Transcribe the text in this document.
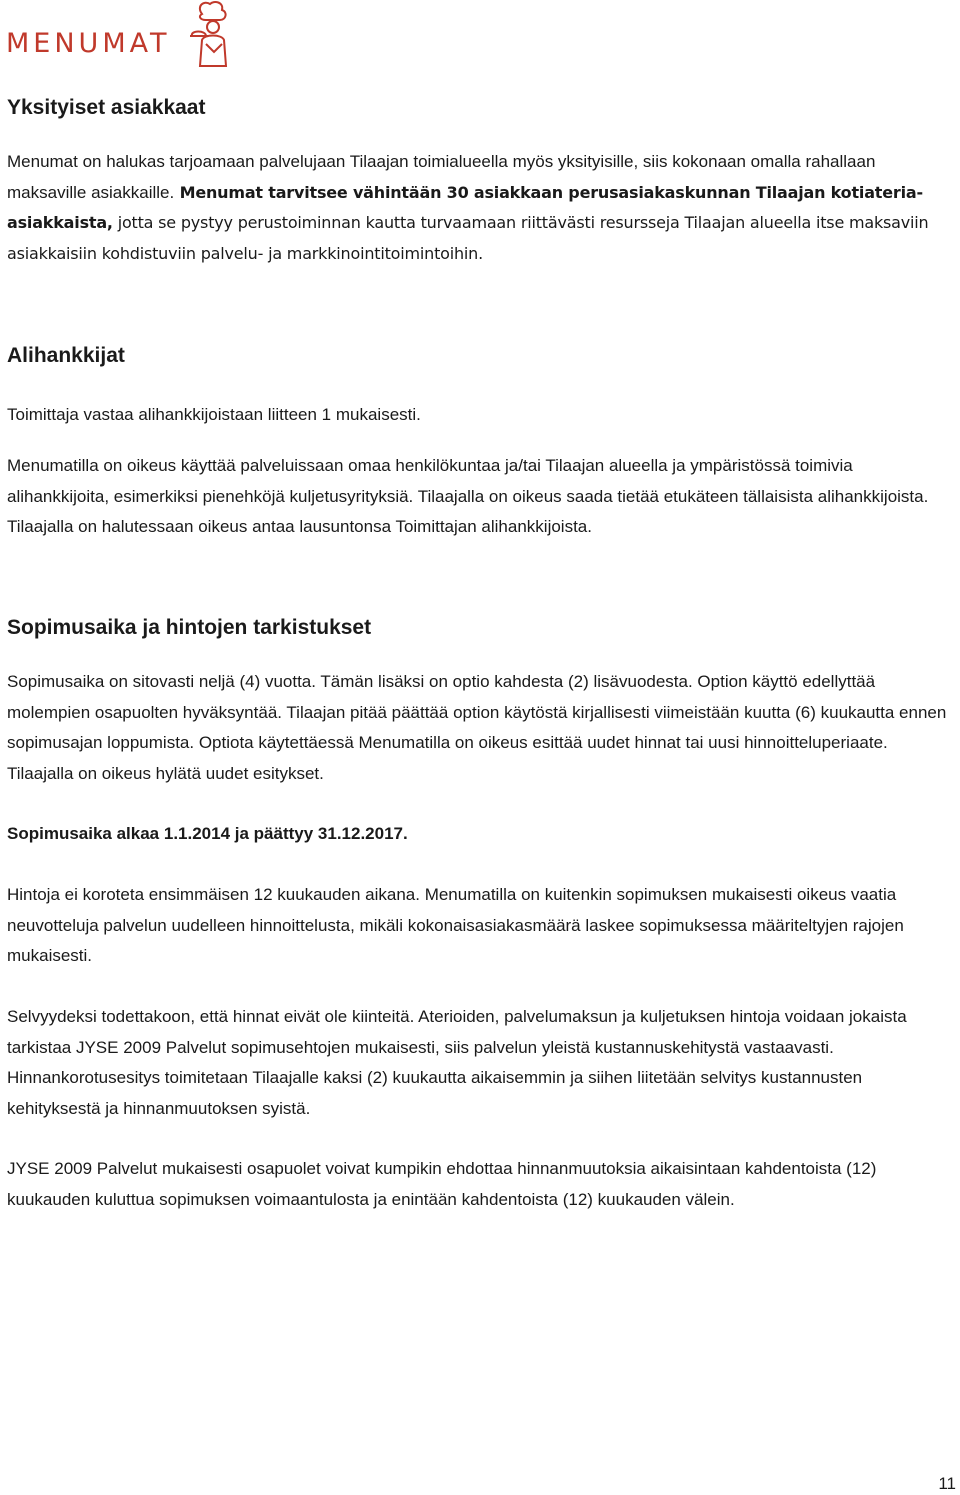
MENUMAT
Yksityiset asiakkaat

Menumat on halukas tarjoamaan palvelujaan Tilaajan toimialueella myös yksityisille, siis kokonaan omalla rahallaan maksaville asiakkaille. Menumat tarvitsee vähintään 30 asiakkaan perusasiakaskunnan Tilaajan kotiateria-asiakkaista, jotta se pystyy perustoiminnan kautta turvaamaan riittävästi resursseja Tilaajan alueella itse maksaviin asiakkaisiin kohdistuviin palvelu- ja markkinointitoimintoihin.

Alihankkijat

Toimittaja vastaa alihankkijoistaan liitteen 1 mukaisesti.

Menumatilla on oikeus käyttää palveluissaan omaa henkilökuntaa ja/tai Tilaajan alueella ja ympäristössä toimivia alihankkijoita, esimerkiksi pienehköjä kuljetusyrityksiä. Tilaajalla on oikeus saada tietää etukäteen tällaisista alihankkijoista. Tilaajalla on halutessaan oikeus antaa lausuntonsa Toimittajan alihankkijoista.

Sopimusaika ja hintojen tarkistukset

Sopimusaika on sitovasti neljä (4) vuotta. Tämän lisäksi on optio kahdesta (2) lisävuodesta. Option käyttö edellyttää molempien osapuolten hyväksyntää. Tilaajan pitää päättää option käytöstä kirjallisesti viimeistään kuutta (6) kuukautta ennen sopimusajan loppumista. Optiota käytettäessä Menumatilla on oikeus esittää uudet hinnat tai uusi hinnoitteluperiaate. Tilaajalla on oikeus hylätä uudet esitykset.

Sopimusaika alkaa 1.1.2014 ja päättyy 31.12.2017.

Hintoja ei koroteta ensimmäisen 12 kuukauden aikana. Menumatilla on kuitenkin sopimuksen mukaisesti oikeus vaatia neuvotteluja palvelun uudelleen hinnoittelusta, mikäli kokonaisasiakasmäärä laskee sopimuksessa määriteltyjen rajojen mukaisesti.

Selvyydeksi todettakoon, että hinnat eivät ole kiinteitä. Aterioiden, palvelumaksun ja kuljetuksen hintoja voidaan jokaista tarkistaa JYSE 2009 Palvelut sopimusehtojen mukaisesti, siis palvelun yleistä kustannuskehitystä vastaavasti. Hinnankorotusesitys toimitetaan Tilaajalle kaksi (2) kuukautta aikaisemmin ja siihen liitetään selvitys kustannusten kehityksestä ja hinnanmuutoksen syistä.

JYSE 2009 Palvelut mukaisesti osapuolet voivat kumpikin ehdottaa hinnanmuutoksia aikaisintaan kahdentoista (12) kuukauden kuluttua sopimuksen voimaantulosta ja enintään kahdentoista (12) kuukauden välein.

11
